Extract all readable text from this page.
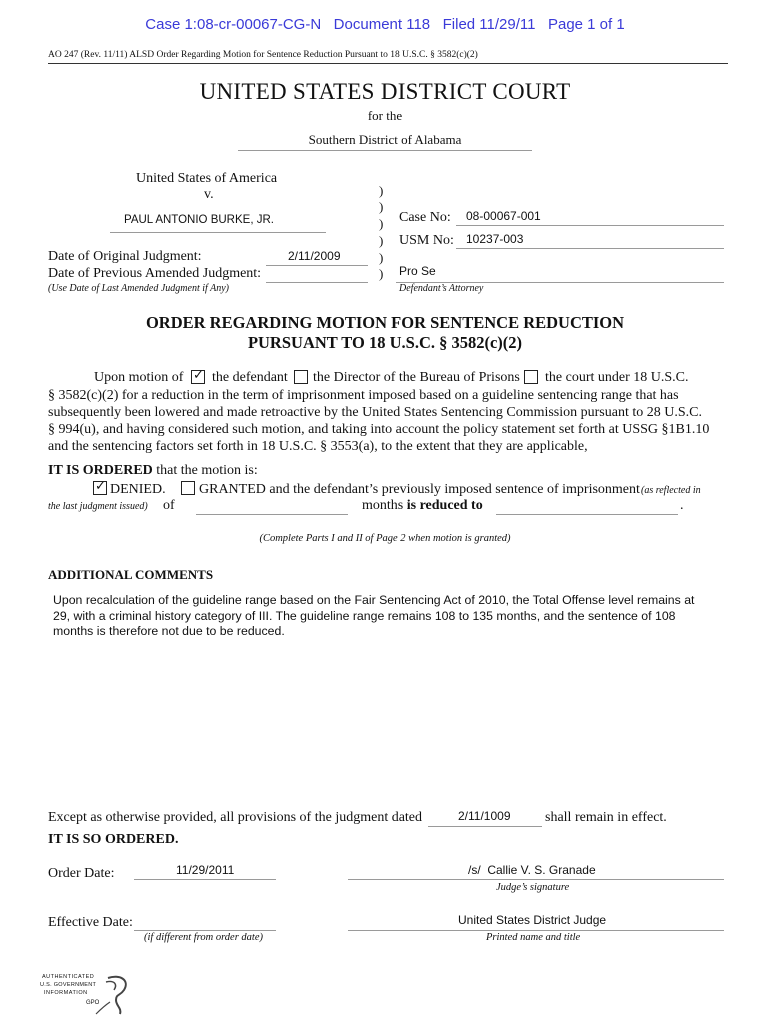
Case 1:08-cr-00067-CG-N   Document 118   Filed 11/29/11   Page 1 of 1
AO 247 (Rev. 11/11) ALSD Order Regarding Motion for Sentence Reduction Pursuant to 18 U.S.C. § 3582(c)(2)
UNITED STATES DISTRICT COURT
for the
Southern District of Alabama
United States of America
v.
PAUL ANTONIO BURKE, JR.
Date of Original Judgment:	2/11/2009
Date of Previous Amended Judgment:
(Use Date of Last Amended Judgment if Any)
)
)
)
)
)
)
Case No: 08-00067-001
USM No: 10237-003
Pro Se
Defendant’s Attorney
ORDER REGARDING MOTION FOR SENTENCE REDUCTION
PURSUANT TO 18 U.S.C. § 3582(c)(2)
Upon motion of
✓ the defendant the Director of the Bureau of Prisons the court under 18 U.S.C.
§ 3582(c)(2) for a reduction in the term of imprisonment imposed based on a guideline sentencing range that has
subsequently been lowered and made retroactive by the United States Sentencing Commission pursuant to 28 U.S.C.
§ 994(u), and having considered such motion, and taking into account the policy statement set forth at USSG §1B1.10
and the sentencing factors set forth in 18 U.S.C. § 3553(a), to the extent that they are applicable,
IT IS ORDERED that the motion is:
✓
DENIED. GRANTED and the defendant’s previously imposed sentence of imprisonment (as reflected in
the last judgment issued) of	months is reduced to	.
(Complete Parts I and II of Page 2 when motion is granted)
ADDITIONAL COMMENTS
Upon recalculation of the guideline range based on the Fair Sentencing Act of 2010, the Total Offense level remains at
29, with a criminal history category of III. The guideline range remains 108 to 135 months, and the sentence of 108
months is therefore not due to be reduced.
Except as otherwise provided, all provisions of the judgment dated	2/11/1009 shall remain in effect.
IT IS SO ORDERED.
Order Date:	11/29/2011	/s/  Callie V. S. Granade
Judge’s signature
Effective Date:
(if different from order date)
United States District Judge
Printed name and title
AUTHENTICATED
U.S. GOVERNMENT
INFORMATION
GPO
